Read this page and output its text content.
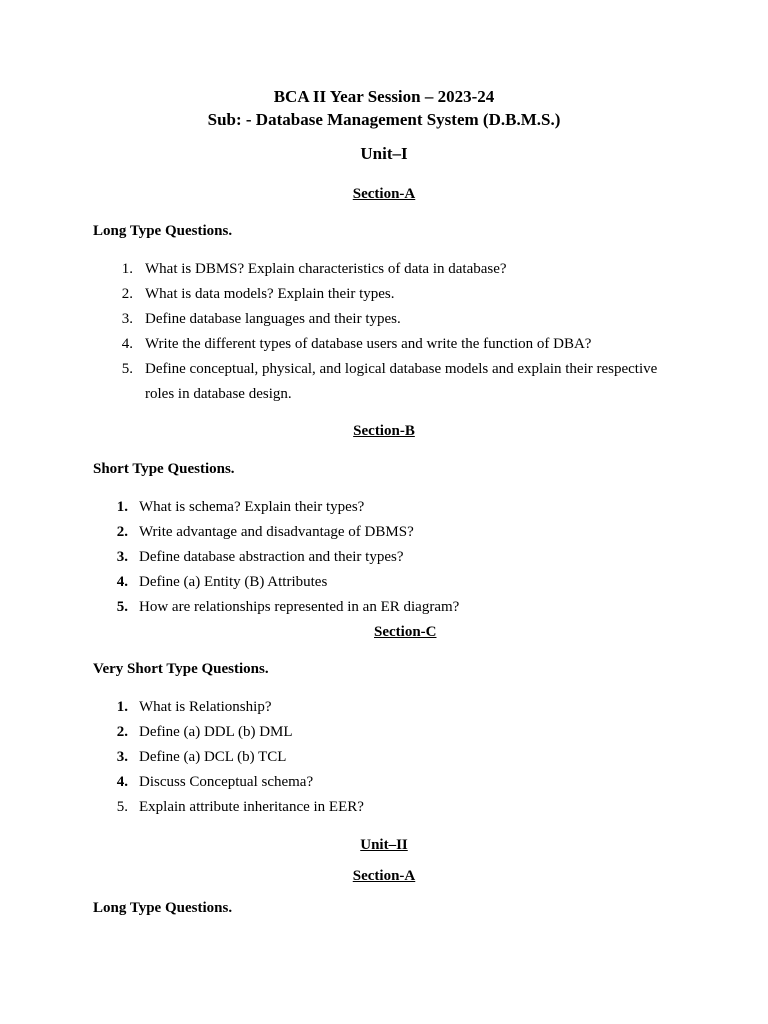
BCA II Year Session – 2023-24
Sub: - Database Management System (D.B.M.S.)
Unit–I
Section-A
Long Type Questions.
1. What is DBMS? Explain characteristics of data in database?
2. What is data models? Explain their types.
3. Define database languages and their types.
4. Write the different types of database users and write the function of DBA?
5. Define conceptual, physical, and logical database models and explain their respective roles in database design.
Section-B
Short Type Questions.
1. What is schema? Explain their types?
2. Write advantage and disadvantage of DBMS?
3. Define database abstraction and their types?
4. Define (a) Entity (B) Attributes
5. How are relationships represented in an ER diagram?
Section-C
Very Short Type Questions.
1. What is Relationship?
2. Define (a) DDL (b) DML
3. Define (a) DCL (b) TCL
4. Discuss Conceptual schema?
5. Explain attribute inheritance in EER?
Unit–II
Section-A
Long Type Questions.
